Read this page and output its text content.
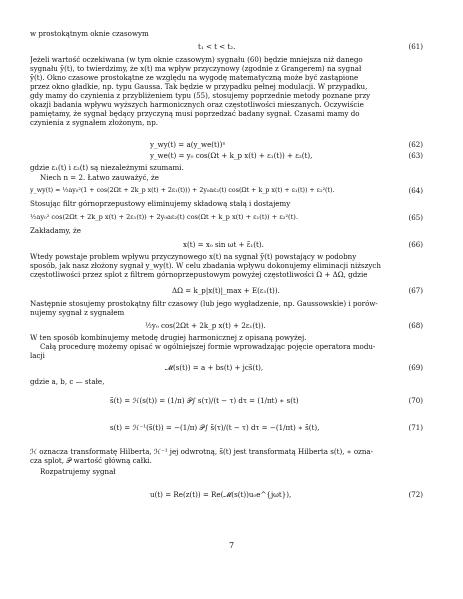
w prostokątnym oknie czasowym
t₁ < t < t₂.	(61)
Jeżeli wartość oczekiwana (w tym oknie czasowym) sygnału (60) będzie mniejsza niż danego
sygnału ỹ(t), to twierdzimy, że x(t) ma wpływ przyczynowy (zgodnie z Grangerem) na sygnał
ỹ(t). Okno czasowe prostokątne ze względu na wygodę matematyczną może być zastąpione
przez okno gładkie, np. typu Gaussa. Tak będzie w przypadku pełnej modulacji. W przypadku,
gdy mamy do czynienia z przybliżeniem typu (55), stosujemy poprzednie metody poznane przy
okazji badania wpływu wyższych harmonicznych oraz częstotliwości mieszanych. Oczywiście
pamiętamy, że sygnał będący przyczyną musi poprzedzać badany sygnał. Czasami mamy do
czynienia z sygnałem złożonym, np.
y_wy(t) = a(y_we(t))ⁿ	(62)
y_we(t) = y₀ cos(Ωt + k_p x(t) + ε₁(t)) + ε₂(t),	(63)
gdzie ε₁(t) i ε₂(t) są niezależnymi szumami.
Niech n = 2. Łatwo zauważyć, że
y_wy(t) = ½ay₀²(1 + cos(2Ωt + 2k_p x(t) + 2ε₁(t))) + 2y₀aε₂(t) cos(Ωt + k_p x(t) + ε₁(t)) + ε₂²(t).	(64)
Stosując filtr górnoprzepustowy eliminujemy składową stałą i dostajemy
½ay₀² cos(2Ωt + 2k_p x(t) + 2ε₁(t)) + 2y₀aε₂(t) cos(Ωt + k_p x(t) + ε₁(t)) + ε₂²(t).	(65)
Zakładamy, że
x(t) = x₀ sin ωt + ε̃₁(t).	(66)
Wtedy powstaje problem wpływu przyczynowego x(t) na sygnał ỹ(t) powstający w podobny
sposób, jak nasz złożony sygnał y_wy(t). W celu zbadania wpływu dokonujemy eliminacji niższych
częstotliwości przez splot z filtrem górnoprzepustowym powyżej częstotliwości Ω + ΔΩ, gdzie
ΔΩ = k_p|x(t)|_max + E(ε₁(t)).	(67)
Następnie stosujemy prostokątny filtr czasowy (lub jego wygładzenie, np. Gaussowskie) i porów-
nujemy sygnał z sygnałem
½y₀ cos(2Ωt + 2k_p x(t) + 2ε₁(t)).	(68)
W ten sposób kombinujemy metodę drugiej harmonicznej z opisaną powyżej.
Całą procedurę możemy opisać w ogólniejszej formie wprowadzając pojęcie operatora modu-
lacji
𝓜(s(t)) = a + bs(t) + jcs̃(t),	(69)
gdzie a, b, c — stałe,
s̃(t) = ℋ(s(t)) = (1/π) 𝒫∫ s(τ)/(t − τ) dτ = (1/πt) ∗ s(t)	(70)
s(t) = ℋ⁻¹(s̃(t)) = −(1/π) 𝒫∫ s̃(τ)/(t − τ) dτ = −(1/πt) ∗ s̃(t),	(71)
ℋ oznacza transformatę Hilberta, ℋ⁻¹ jej odwrotną, s̃(t) jest transformatą Hilberta s(t), ∗ ozna-
cza splot, 𝒫 wartość główną całki.
Rozpatrujemy sygnał
u(t) = Re(z(t)) = Re(𝓜(s(t))u₀e^{jωt}),	(72)
7
